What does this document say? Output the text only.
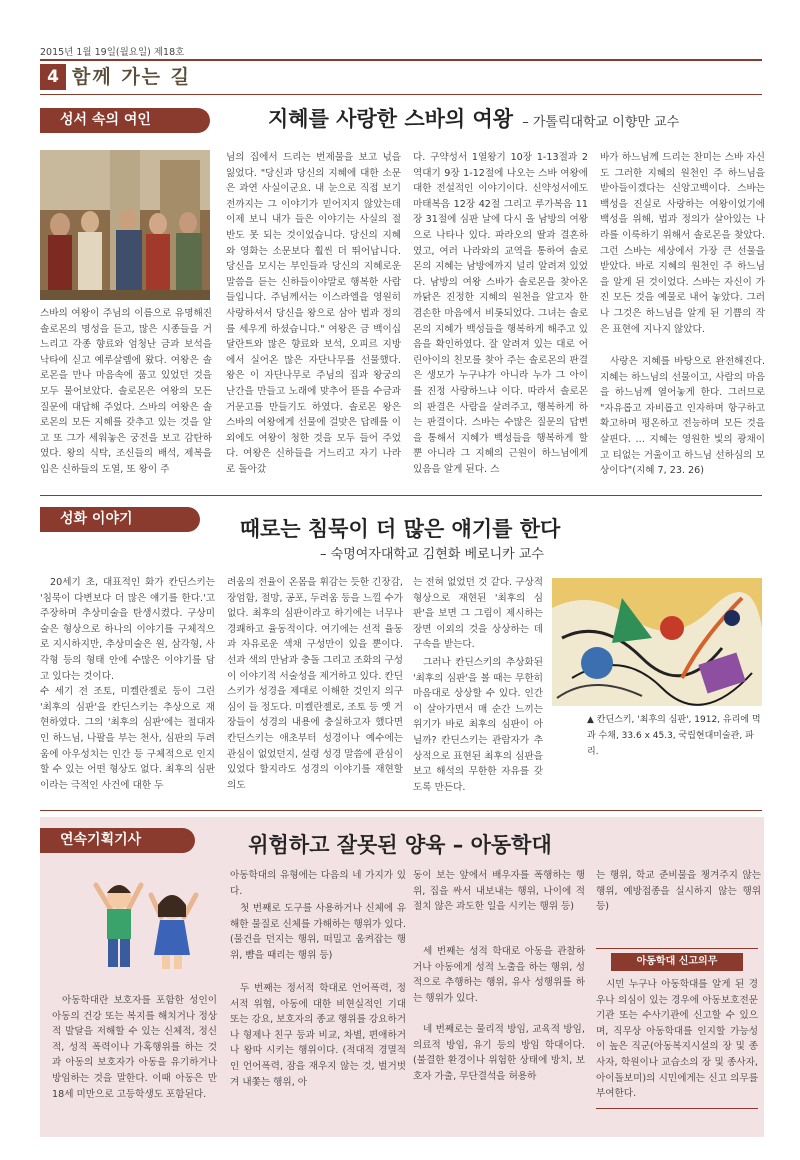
2015년 1월 19일(월요일) 제18호
4 함께 가는 길
성서 속의 여인	지혜를 사랑한 스바의 여왕 – 가톨릭대학교 이향만 교수
스바의 여왕이 주님의 이름으로 유명해진 솔로몬의 명성을 듣고, 많은 시종들을 거느리고 각종 향료와 엄청난 금과 보석을 낙타에 싣고 예루살렘에 왔다. 여왕은 솔로몬을 만나 마음속에 품고 있었던 것을 모두 물어보았다. 솔로몬은 여왕의 모든 질문에 대답해 주었다. 스바의 여왕은 솔로몬의 모든 지혜를 갖추고 있는 것을 알고 또 그가 세워놓은 궁전을 보고 감탄하였다. 왕의 식탁, 조신들의 배석, 제복을 입은 신하들의 도열, 또 왕이 주
님의 집에서 드리는 번제물을 보고 넋을 잃었다. "당신과 당신의 지혜에 대한 소문은 과연 사실이군요. 내 눈으로 직접 보기 전까지는 그 이야기가 믿어지지 않았는데 이제 보니 내가 들은 이야기는 사실의 절반도 못 되는 것이었습니다. 당신의 지혜와 영화는 소문보다 훨씬 더 뛰어납니다. 당신을 모시는 부인들과 당신의 지혜로운 말씀을 듣는 신하들이야말로 행복한 사람들입니다. 주님께서는 이스라엘을 영원히 사랑하셔서 당신을 왕으로 삼아 법과 정의를 세우게 하셨습니다." 여왕은 금 백이십 달란트와 많은 향료와 보석, 오피르 지방에서 실어온 많은 자단나무를 선물했다. 왕은 이 자단나무로 주님의 집과 왕궁의 난간을 만들고 노래에 맞추어 뜯을 수금과 거문고를 만들기도 하였다. 솔로몬 왕은 스바의 여왕에게 선물에 걸맞은 답례를 이외에도 여왕이 청한 것을 모두 들어 주었다. 여왕은 신하들을 거느리고 자기 나라로 돌아갔
다. 구약성서 1열왕기 10장 1-13절과 2역대기 9장 1-12절에 나오는 스바 여왕에 대한 전설적인 이야기이다. 신약성서에도 마태복음 12장 42절 그리고 루가복음 11장 31절에 심판 날에 다시 올 남방의 여왕으로 나타나 있다. 파라오의 딸과 결혼하였고, 여러 나라와의 교역을 통하여 솔로몬의 지혜는 남방에까지 널리 알려져 있었다. 남방의 여왕 스바가 솔로몬을 찾아온 까닭은 진정한 지혜의 원천을 알고자 한 겸손한 마음에서 비롯되었다. 그녀는 솔로몬의 지혜가 백성들을 행복하게 해주고 있음을 확인하였다. 잘 알려져 있는 대로 어린아이의 친모를 찾아 주는 솔로몬의 판결은 생모가 누구냐가 아니라 누가 그 아이를 진정 사랑하느냐 이다. 따라서 솔로몬의 판결은 사람을 살려주고, 행복하게 하는 판결이다. 스바는 수많은 질문의 답변을 통해서 지혜가 백성들을 행복하게 할 뿐 아니라 그 지혜의 근원이 하느님에게 있음을 알게 된다. 스
바가 하느님께 드리는 찬미는 스바 자신도 그러한 지혜의 원천인 주 하느님을 받아들이겠다는 신앙고백이다. 스바는 백성을 진실로 사랑하는 여왕이었기에 백성을 위해, 법과 정의가 살아있는 나라를 이룩하기 위해서 솔로몬을 찾았다. 그런 스바는 세상에서 가장 큰 선물을 받았다. 바로 지혜의 원천인 주 하느님을 알게 된 것이었다. 스바는 자신이 가진 모든 것을 예물로 내어 놓았다. 그러나 그것은 하느님을 알게 된 기쁨의 작은 표현에 지나지 않았다.
사랑은 지혜를 바탕으로 완전해진다. 지혜는 하느님의 선물이고, 사람의 마음을 하느님께 열어놓게 한다. 그러므로 "자유롭고 자비롭고 인자하며 항구하고 확고하며 평온하고 전능하며 모든 것을 살핀다. … 지혜는 영원한 빛의 광채이고 티없는 거울이고 하느님 선하심의 모상이다"(지혜 7, 23. 26)
성화 이야기	때로는 침묵이 더 많은 얘기를 한다
– 숙명여자대학교 김현화 베로니카 교수
20세기 초, 대표적인 화가 칸딘스키는 '침묵이 다변보다 더 많은 얘기를 한다.'고 주장하며 추상미술을 탄생시켰다. 구상미술은 형상으로 하나의 이야기를 구체적으로 지시하지만, 추상미술은 원, 삼각형, 사각형 등의 형태 안에 수많은 이야기를 담고 있다는 것이다.
수 세기 전 조토, 미켈란젤로 등이 그린 '최후의 심판'을 칸딘스키는 추상으로 재현하였다. 그의 '최후의 심판'에는 절대자인 하느님, 나팔을 부는 천사, 심판의 두려움에 아우성치는 인간 등 구체적으로 인지할 수 있는 어떤 형상도 없다. 최후의 심판이라는 극적인 사건에 대한 두
려움의 전율이 온몸을 휘감는 듯한 긴장감, 장엄함, 절망, 공포, 두려움 등을 느낄 수가 없다. 최후의 심판이라고 하기에는 너무나 경쾌하고 율동적이다. 여기에는 선적 율동과 자유로운 색채 구성만이 있을 뿐이다. 선과 색의 만남과 충돌 그리고 조화의 구성이 이야기적 서술성을 제거하고 있다. 칸딘스키가 성경을 제대로 이해한 것인지 의구심이 들 정도다. 미켈란젤로, 조토 등 옛 거장들이 성경의 내용에 충실하고자 했다면 칸딘스키는 애초부터 성경이나 예수에는 관심이 없었던지, 설령 성경 말씀에 관심이 있었다 할지라도 성경의 이야기를 재현할 의도
는 전혀 없었던 것 같다. 구상적 형상으로 재현된 '최후의 심판'을 보면 그 그림이 제시하는 장면 이외의 것을 상상하는 데 구속을 받는다.
그러나 칸딘스키의 추상화된 '최후의 심판'을 볼 때는 무한히 마음대로 상상할 수 있다. 인간이 살아가면서 매 순간 느끼는 위기가 바로 최후의 심판이 아닐까? 칸딘스키는 관람자가 추상적으로 표현된 최후의 심판을 보고 해석의 무한한 자유를 갖도록 만든다.
▲ 칸딘스키, '최후의 심판', 1912, 유리에 먹과 수채, 33.6 x 45.3, 국립현대미술관, 파리.
연속기획기사	위험하고 잘못된 양육 – 아동학대
아동학대란 보호자를 포함한 성인이 아동의 건강 또는 복지를 해치거나 정상적 발달을 저해할 수 있는 신체적, 정신적, 성적 폭력이나 가혹행위를 하는 것과 아동의 보호자가 아동을 유기하거나 방임하는 것을 말한다. 이때 아동은 만 18세 미만으로 고등학생도 포함된다.
아동학대의 유형에는 다음의 네 가지가 있다.
첫 번째로 도구를 사용하거나 신체에 유해한 물질로 신체를 가해하는 행위가 있다. (물건을 던지는 행위, 떠밀고 움켜잡는 행위, 뺨을 때리는 행위 등)
두 번째는 정서적 학대로 언어폭력, 정서적 위협, 아동에 대한 비현실적인 기대 또는 강요, 보호자의 종교 행위를 강요하거나 형제나 친구 등과 비교, 차별, 편애하거나 왕따 시키는 행위이다. (적대적 경멸적인 언어폭력, 잠을 재우지 않는 것, 벌거벗겨 내쫓는 행위, 아
동이 보는 앞에서 배우자를 폭행하는 행위, 집을 싸서 내보내는 행위, 나이에 적절치 않은 과도한 일을 시키는 행위 등)
세 번째는 성적 학대로 아동을 관찰하거나 아동에게 성적 노출을 하는 행위, 성적으로 추행하는 행위, 유사 성행위를 하는 행위가 있다.
네 번째로는 물리적 방임, 교육적 방임, 의료적 방임, 유기 등의 방임 학대이다. (불결한 환경이나 위험한 상태에 방치, 보호자 가출, 무단결석을 허용하
는 행위, 학교 준비물을 챙겨주지 않는 행위, 예방접종을 실시하지 않는 행위 등)
아동학대 신고의무
시민 누구나 아동학대를 알게 된 경우나 의심이 있는 경우에 아동보호전문기관 또는 수사기관에 신고할 수 있으며, 직무상 아동학대를 인지할 가능성이 높은 직군(아동복지시설의 장 및 종사자, 학원이나 교습소의 장 및 종사자, 아이돌보미)의 시민에게는 신고 의무를 부여한다.
